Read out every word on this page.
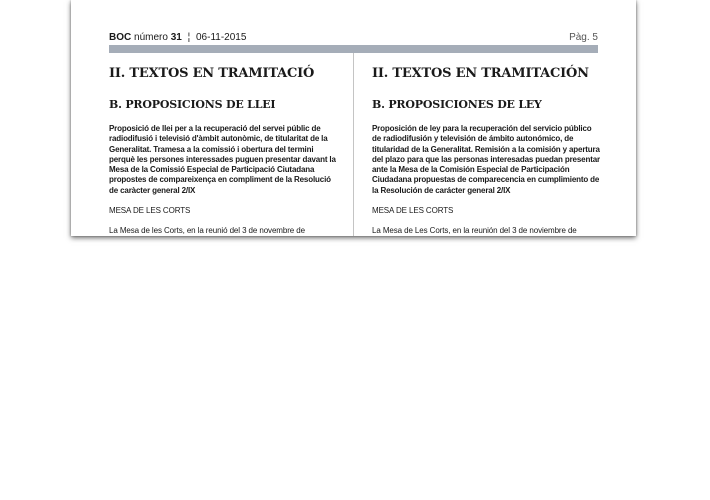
BOC número 31 ¦ 06-11-2015	Pàg. 5
II. TEXTOS EN TRAMITACIÓ
B. PROPOSICIONS DE LLEI

Proposició de llei per a la recuperació del servei públic de radiodifusió i televisió d'àmbit autonòmic, de titularitat de la Generalitat. Tramesa a la comissió i obertura del termini perquè les persones interessades puguen presentar davant la Mesa de la Comissió Especial de Participació Ciutadana propostes de compareixença en compliment de la Resolució de caràcter general 2/IX

MESA DE LES CORTS

La Mesa de les Corts, en la reunió del 3 de novembre de

II. TEXTOS EN TRAMITACIÓN
B. PROPOSICIONES DE LEY

Proposición de ley para la recuperación del servicio público de radiodifusión y televisión de ámbito autonómico, de titularidad de la Generalitat. Remisión a la comisión y apertura del plazo para que las personas interesadas puedan presentar ante la Mesa de la Comisión Especial de Participación Ciudadana propuestas de comparecencia en cumplimiento de la Resolución de carácter general 2/IX

MESA DE LES CORTS

La Mesa de Les Corts, en la reunión del 3 de noviembre de
